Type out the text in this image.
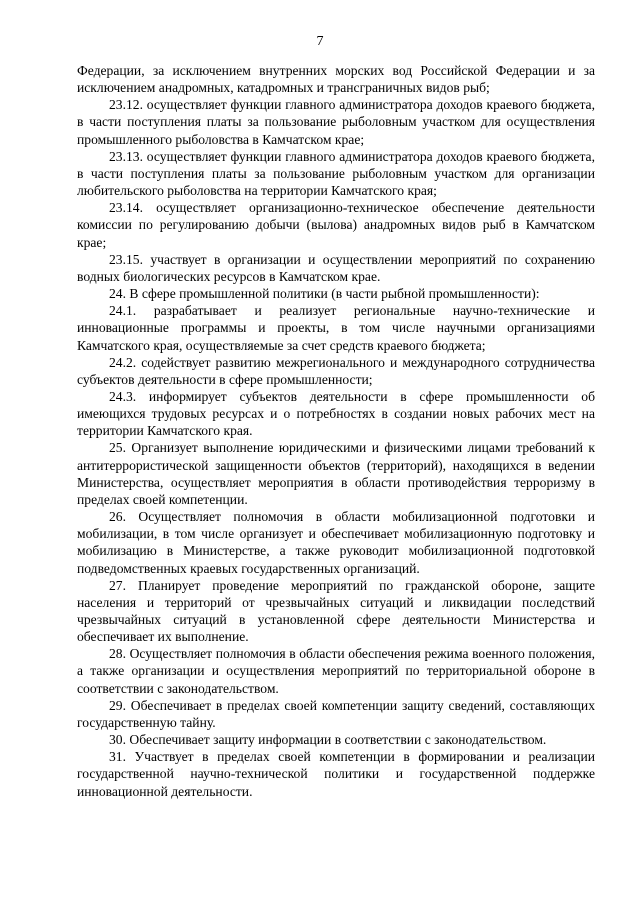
7

Федерации, за исключением внутренних морских вод Российской Федерации и за исключением анадромных, катадромных и трансграничных видов рыб;

23.12. осуществляет функции главного администратора доходов краевого бюджета, в части поступления платы за пользование рыболовным участком для осуществления промышленного рыболовства в Камчатском крае;

23.13. осуществляет функции главного администратора доходов краевого бюджета, в части поступления платы за пользование рыболовным участком для организации любительского рыболовства на территории Камчатского края;

23.14. осуществляет организационно-техническое обеспечение деятельности комиссии по регулированию добычи (вылова) анадромных видов рыб в Камчатском крае;

23.15. участвует в организации и осуществлении мероприятий по сохранению водных биологических ресурсов в Камчатском крае.

24. В сфере промышленной политики (в части рыбной промышленности):

24.1. разрабатывает и реализует региональные научно-технические и инновационные программы и проекты, в том числе научными организациями Камчатского края, осуществляемые за счет средств краевого бюджета;

24.2. содействует развитию межрегионального и международного сотрудничества субъектов деятельности в сфере промышленности;

24.3. информирует субъектов деятельности в сфере промышленности об имеющихся трудовых ресурсах и о потребностях в создании новых рабочих мест на территории Камчатского края.

25. Организует выполнение юридическими и физическими лицами требований к антитеррористической защищенности объектов (территорий), находящихся в ведении Министерства, осуществляет мероприятия в области противодействия терроризму в пределах своей компетенции.

26. Осуществляет полномочия в области мобилизационной подготовки и мобилизации, в том числе организует и обеспечивает мобилизационную подготовку и мобилизацию в Министерстве, а также руководит мобилизационной подготовкой подведомственных краевых государственных организаций.

27. Планирует проведение мероприятий по гражданской обороне, защите населения и территорий от чрезвычайных ситуаций и ликвидации последствий чрезвычайных ситуаций в установленной сфере деятельности Министерства и обеспечивает их выполнение.

28. Осуществляет полномочия в области обеспечения режима военного положения, а также организации и осуществления мероприятий по территориальной обороне в соответствии с законодательством.

29. Обеспечивает в пределах своей компетенции защиту сведений, составляющих государственную тайну.

30. Обеспечивает защиту информации в соответствии с законодательством.

31. Участвует в пределах своей компетенции в формировании и реализации государственной научно-технической политики и государственной поддержке инновационной деятельности.
